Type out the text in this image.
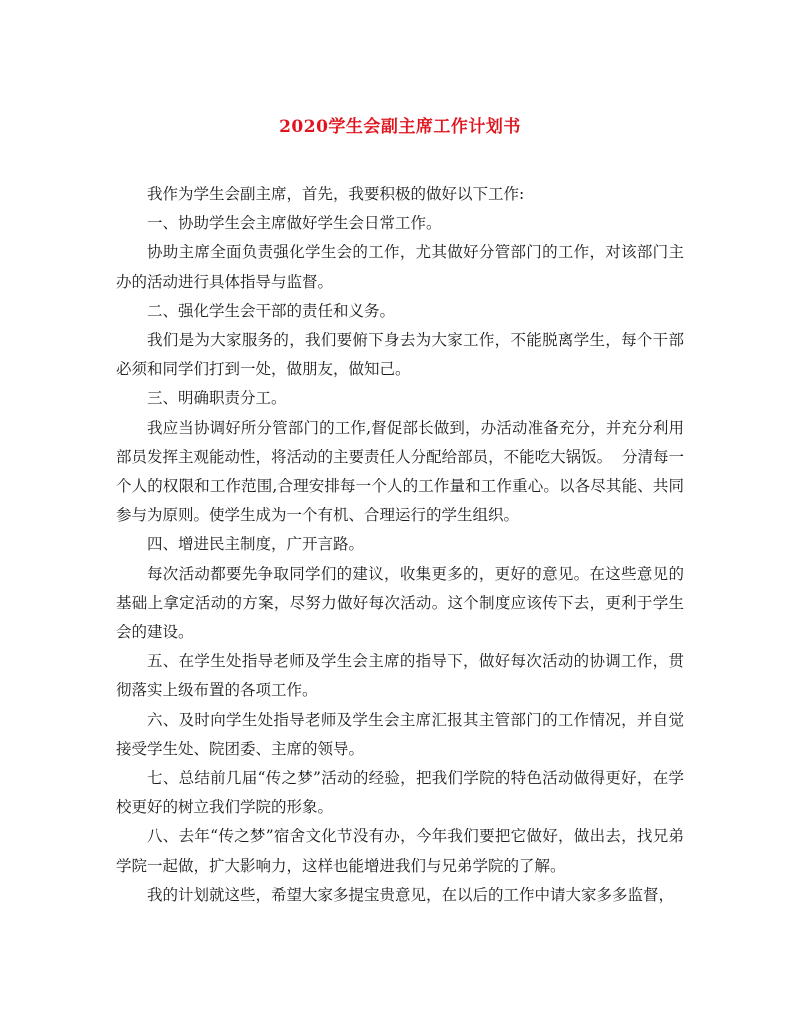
2020学生会副主席工作计划书

我作为学生会副主席，首先，我要积极的做好以下工作:

一、协助学生会主席做好学生会日常工作。

协助主席全面负责强化学生会的工作，尤其做好分管部门的工作，对该部门主办的活动进行具体指导与监督。

二、强化学生会干部的责任和义务。

我们是为大家服务的，我们要俯下身去为大家工作，不能脱离学生，每个干部必须和同学们打到一处，做朋友，做知己。

三、明确职责分工。

我应当协调好所分管部门的工作,督促部长做到，办活动准备充分，并充分利用部员发挥主观能动性，将活动的主要责任人分配给部员，不能吃大锅饭。  分清每一个人的权限和工作范围,合理安排每一个人的工作量和工作重心。以各尽其能、共同参与为原则。使学生成为一个有机、合理运行的学生组织。

四、增进民主制度，广开言路。

每次活动都要先争取同学们的建议，收集更多的，更好的意见。在这些意见的基础上拿定活动的方案，尽努力做好每次活动。这个制度应该传下去，更利于学生会的建设。

五、在学生处指导老师及学生会主席的指导下，做好每次活动的协调工作，贯彻落实上级布置的各项工作。

六、及时向学生处指导老师及学生会主席汇报其主管部门的工作情况，并自觉接受学生处、院团委、主席的领导。

七、总结前几届“传之梦”活动的经验，把我们学院的特色活动做得更好，在学校更好的树立我们学院的形象。

八、去年“传之梦”宿舍文化节没有办，今年我们要把它做好，做出去，找兄弟学院一起做，扩大影响力，这样也能增进我们与兄弟学院的了解。

我的计划就这些，希望大家多提宝贵意见，在以后的工作中请大家多多监督，
